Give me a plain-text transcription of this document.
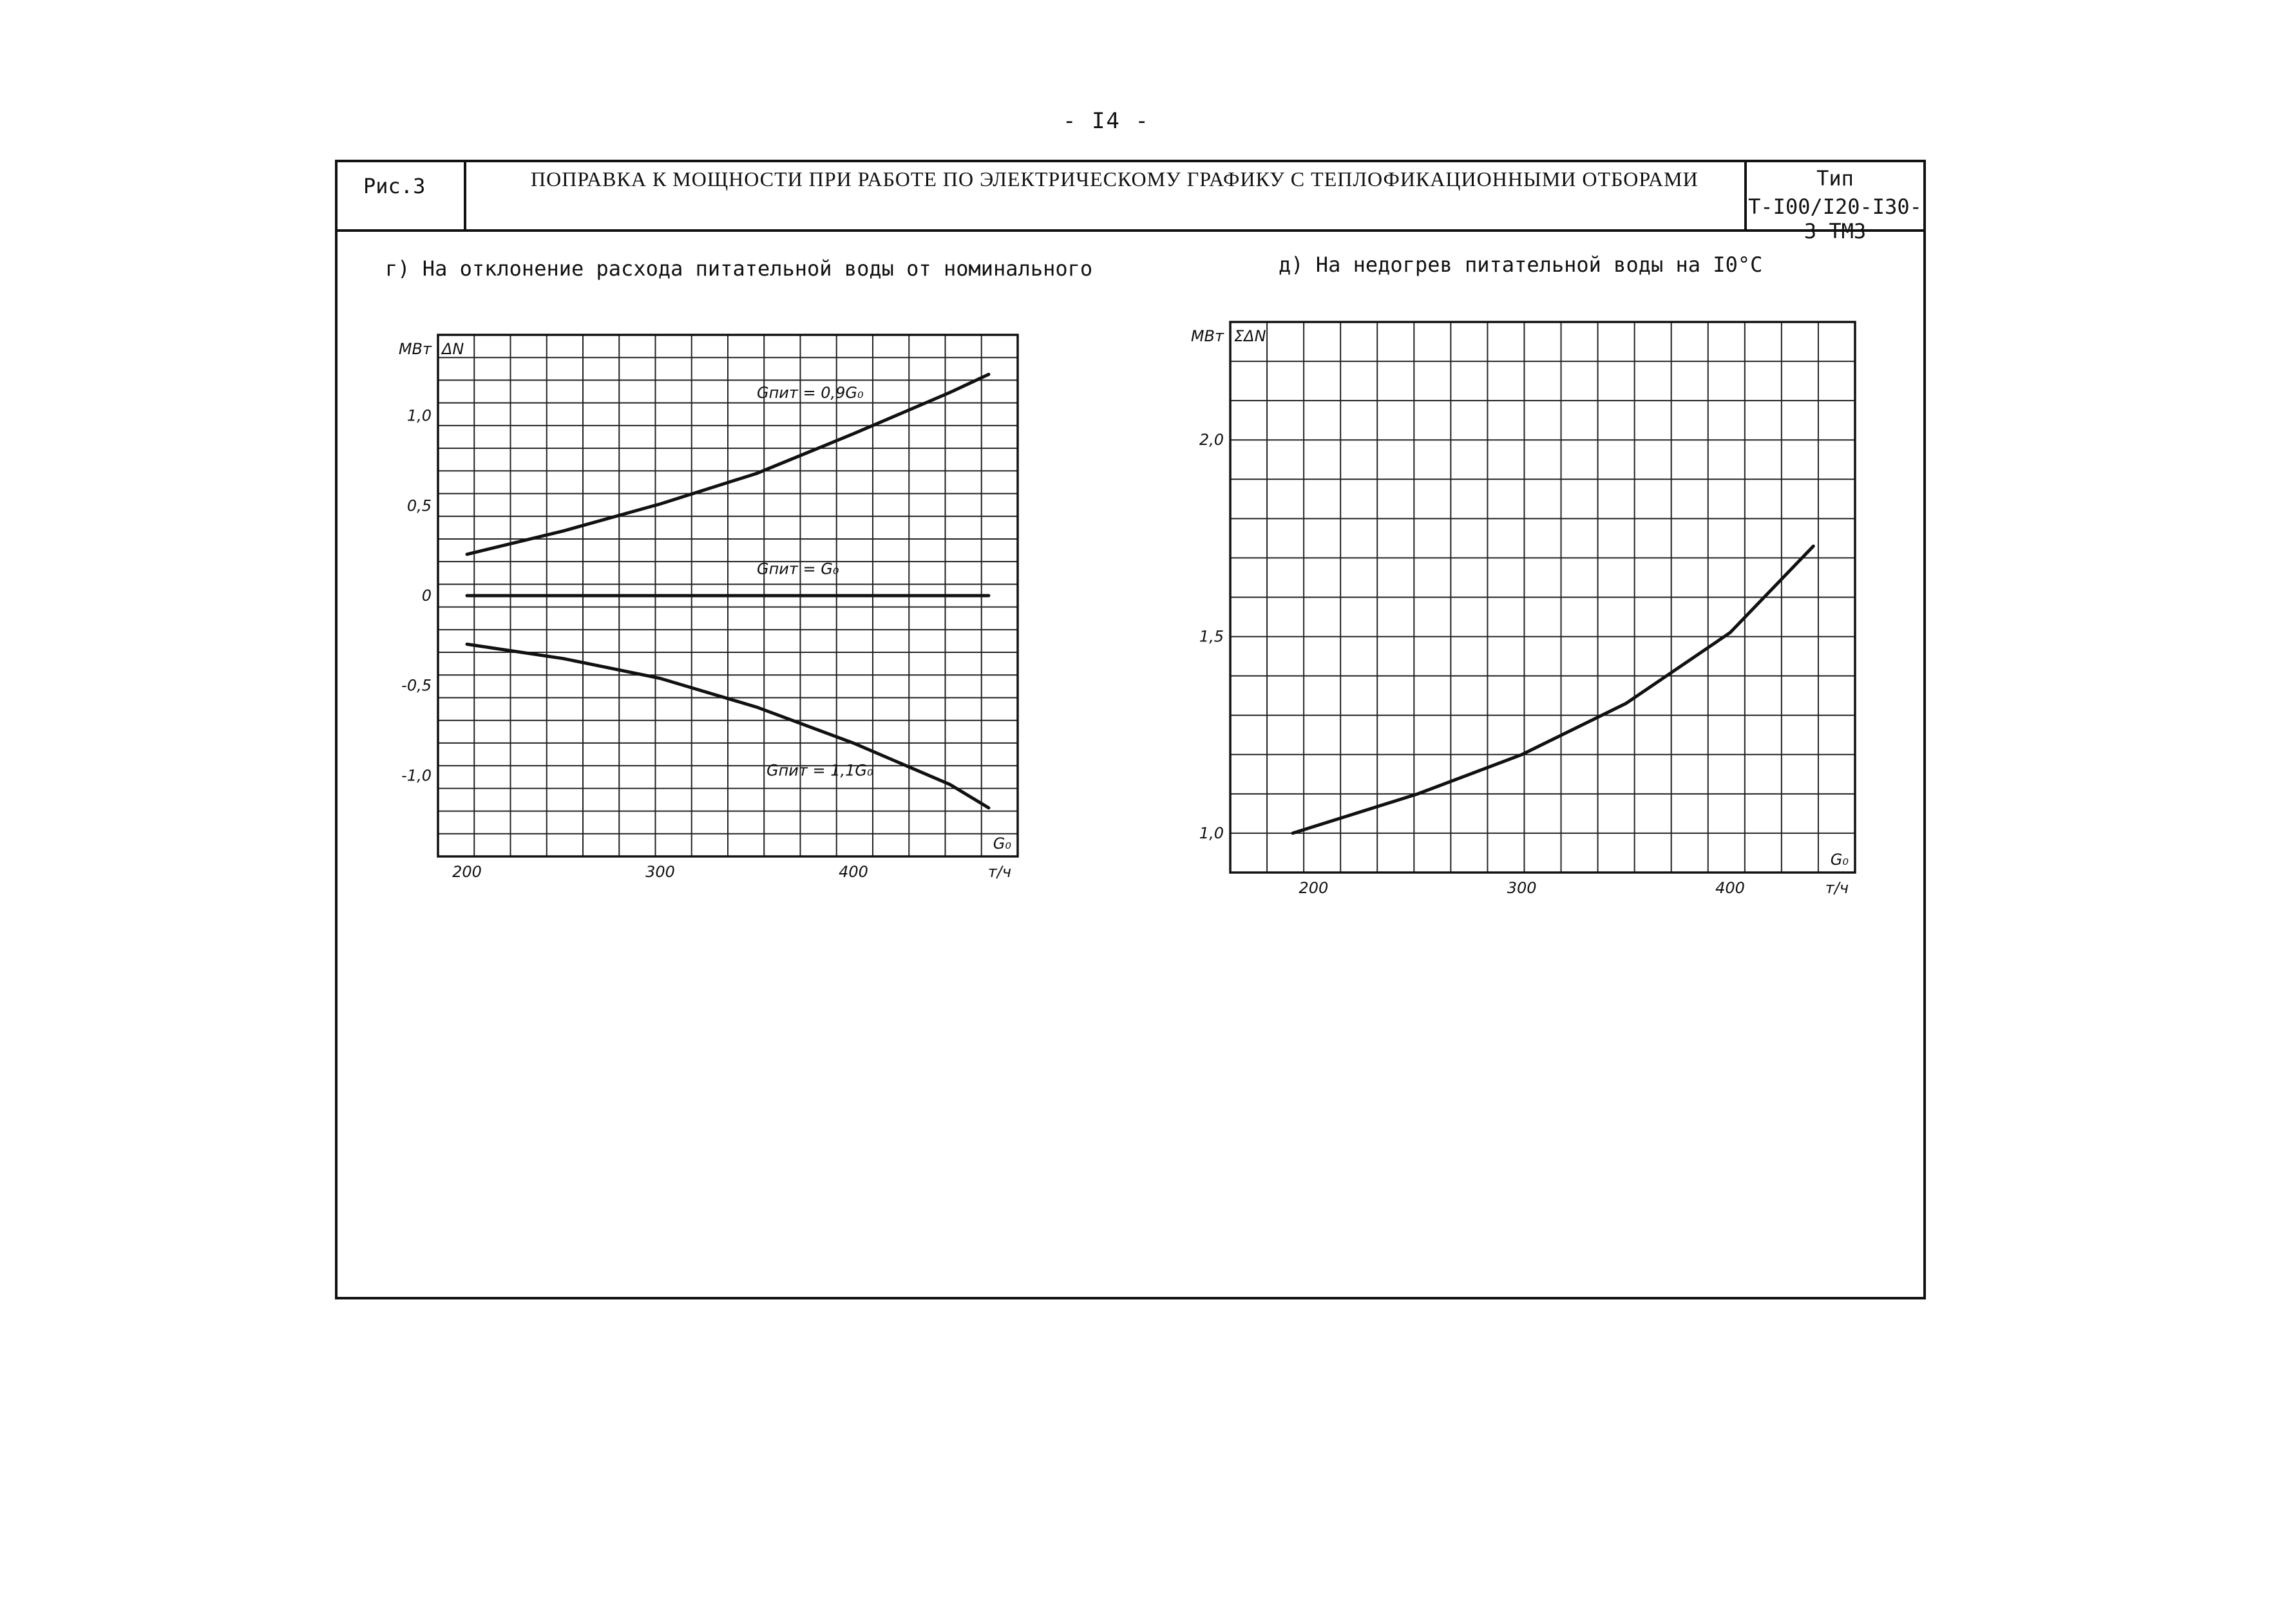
- I4 -
Рис.3	ПОПРАВКА К МОЩНОСТИ ПРИ РАБОТЕ ПО ЭЛЕКТРИЧЕСКОМУ ГРАФИКУ С ТЕПЛОФИКАЦИОННЫМИ ОТБОРАМИ	Тип
Т-I00/I20-I30-3 ТМЗ
г) На отклонение расхода питательной воды от номинального	д) На недогрев питательной воды на I0°С
1,0
0,5
0
-0,5
-1,0
200	300	400
МВт ΔN
G₀
т/ч
Gпит = 0,9G₀
Gпит = G₀
Gпит = 1,1G₀
2,0
1,5
1,0
200	300	400
МВт ΣΔN
G₀
т/ч
